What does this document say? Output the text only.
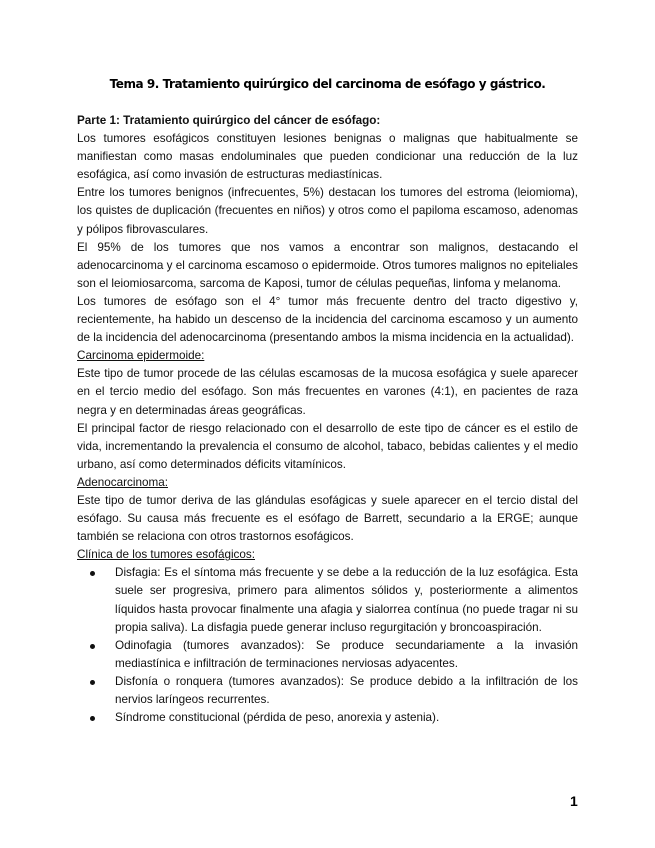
Tema 9. Tratamiento quirúrgico del carcinoma de esófago y gástrico.
Parte 1: Tratamiento quirúrgico del cáncer de esófago:

Los tumores esofágicos constituyen lesiones benignas o malignas que habitualmente se manifiestan como masas endoluminales que pueden condicionar una reducción de la luz esofágica, así como invasión de estructuras mediastínicas.

Entre los tumores benignos (infrecuentes, 5%) destacan los tumores del estroma (leiomioma), los quistes de duplicación (frecuentes en niños) y otros como el papiloma escamoso, adenomas y pólipos fibrovasculares.

El 95% de los tumores que nos vamos a encontrar son malignos, destacando el adenocarcinoma y el carcinoma escamoso o epidermoide. Otros tumores malignos no epiteliales son el leiomiosarcoma, sarcoma de Kaposi, tumor de células pequeñas, linfoma y melanoma.

Los tumores de esófago son el 4° tumor más frecuente dentro del tracto digestivo y, recientemente, ha habido un descenso de la incidencia del carcinoma escamoso y un aumento de la incidencia del adenocarcinoma (presentando ambos la misma incidencia en la actualidad).

Carcinoma epidermoide:

Este tipo de tumor procede de las células escamosas de la mucosa esofágica y suele aparecer en el tercio medio del esófago. Son más frecuentes en varones (4:1), en pacientes de raza negra y en determinadas áreas geográficas.

El principal factor de riesgo relacionado con el desarrollo de este tipo de cáncer es el estilo de vida, incrementando la prevalencia el consumo de alcohol, tabaco, bebidas calientes y el medio urbano, así como determinados déficits vitamínicos.

Adenocarcinoma:

Este tipo de tumor deriva de las glándulas esofágicas y suele aparecer en el tercio distal del esófago. Su causa más frecuente es el esófago de Barrett, secundario a la ERGE; aunque también se relaciona con otros trastornos esofágicos.

Clínica de los tumores esofágicos:
Disfagia: Es el síntoma más frecuente y se debe a la reducción de la luz esofágica. Esta suele ser progresiva, primero para alimentos sólidos y, posteriormente a alimentos líquidos hasta provocar finalmente una afagia y sialorrea contínua (no puede tragar ni su propia saliva). La disfagia puede generar incluso regurgitación y broncoaspiración.
Odinofagia (tumores avanzados): Se produce secundariamente a la invasión mediastínica e infiltración de terminaciones nerviosas adyacentes.
Disfonía o ronquera (tumores avanzados): Se produce debido a la infiltración de los nervios laríngeos recurrentes.
Síndrome constitucional (pérdida de peso, anorexia y astenia).
1
